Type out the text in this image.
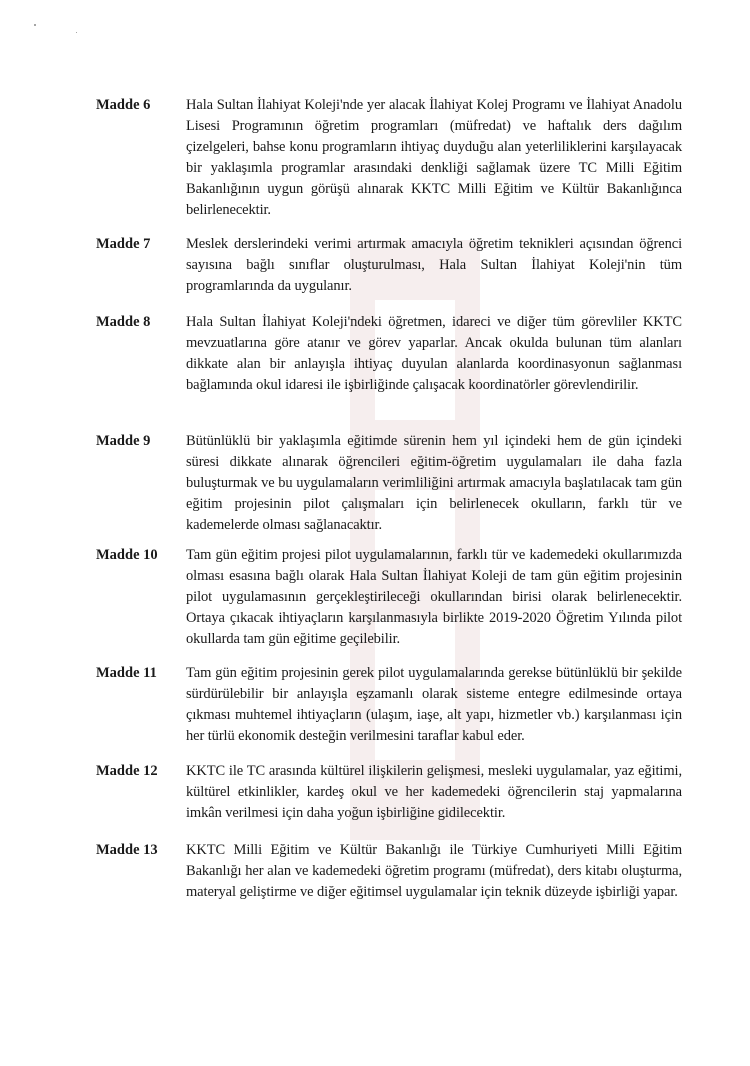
Madde 6	Hala Sultan İlahiyat Koleji'nde yer alacak İlahiyat Kolej Programı ve İlahiyat Anadolu Lisesi Programının öğretim programları (müfredat) ve haftalık ders dağılım çizelgeleri, bahse konu programların ihtiyaç duyduğu alan yeterliliklerini karşılayacak bir yaklaşımla programlar arasındaki denkliği sağlamak üzere TC Milli Eğitim Bakanlığının uygun görüşü alınarak KKTC Milli Eğitim ve Kültür Bakanlığınca belirlenecektir.
Madde 7	Meslek derslerindeki verimi artırmak amacıyla öğretim teknikleri açısından öğrenci sayısına bağlı sınıflar oluşturulması, Hala Sultan İlahiyat Koleji'nin tüm programlarında da uygulanır.
Madde 8	Hala Sultan İlahiyat Koleji'ndeki öğretmen, idareci ve diğer tüm görevliler KKTC mevzuatlarına göre atanır ve görev yaparlar. Ancak okulda bulunan tüm alanları dikkate alan bir anlayışla ihtiyaç duyulan alanlarda koordinasyonun sağlanması bağlamında okul idaresi ile işbirliğinde çalışacak koordinatörler görevlendirilir.
Madde 9	Bütünlüklü bir yaklaşımla eğitimde sürenin hem yıl içindeki hem de gün içindeki süresi dikkate alınarak öğrencileri eğitim-öğretim uygulamaları ile daha fazla buluşturmak ve bu uygulamaların verimliliğini artırmak amacıyla başlatılacak tam gün eğitim projesinin pilot çalışmaları için belirlenecek okulların, farklı tür ve kademelerde olması sağlanacaktır.
Madde 10	Tam gün eğitim projesi pilot uygulamalarının, farklı tür ve kademedeki okullarımızda olması esasına bağlı olarak Hala Sultan İlahiyat Koleji de tam gün eğitim projesinin pilot uygulamasının gerçekleştirileceği okullarından birisi olarak belirlenecektir. Ortaya çıkacak ihtiyaçların karşılanmasıyla birlikte 2019-2020 Öğretim Yılında pilot okullarda tam gün eğitime geçilebilir.
Madde 11	Tam gün eğitim projesinin gerek pilot uygulamalarında gerekse bütünlüklü bir şekilde sürdürülebilir bir anlayışla eşzamanlı olarak sisteme entegre edilmesinde ortaya çıkması muhtemel ihtiyaçların (ulaşım, iaşe, alt yapı, hizmetler vb.) karşılanması için her türlü ekonomik desteğin verilmesini taraflar kabul eder.
Madde 12	KKTC ile TC arasında kültürel ilişkilerin gelişmesi, mesleki uygulamalar, yaz eğitimi, kültürel etkinlikler, kardeş okul ve her kademedeki öğrencilerin staj yapmalarına imkân verilmesi için daha yoğun işbirliğine gidilecektir.
Madde 13	KKTC Milli Eğitim ve Kültür Bakanlığı ile Türkiye Cumhuriyeti Milli Eğitim Bakanlığı her alan ve kademedeki öğretim programı (müfredat), ders kitabı oluşturma, materyal geliştirme ve diğer eğitimsel uygulamalar için teknik düzeyde işbirliği yapar.
